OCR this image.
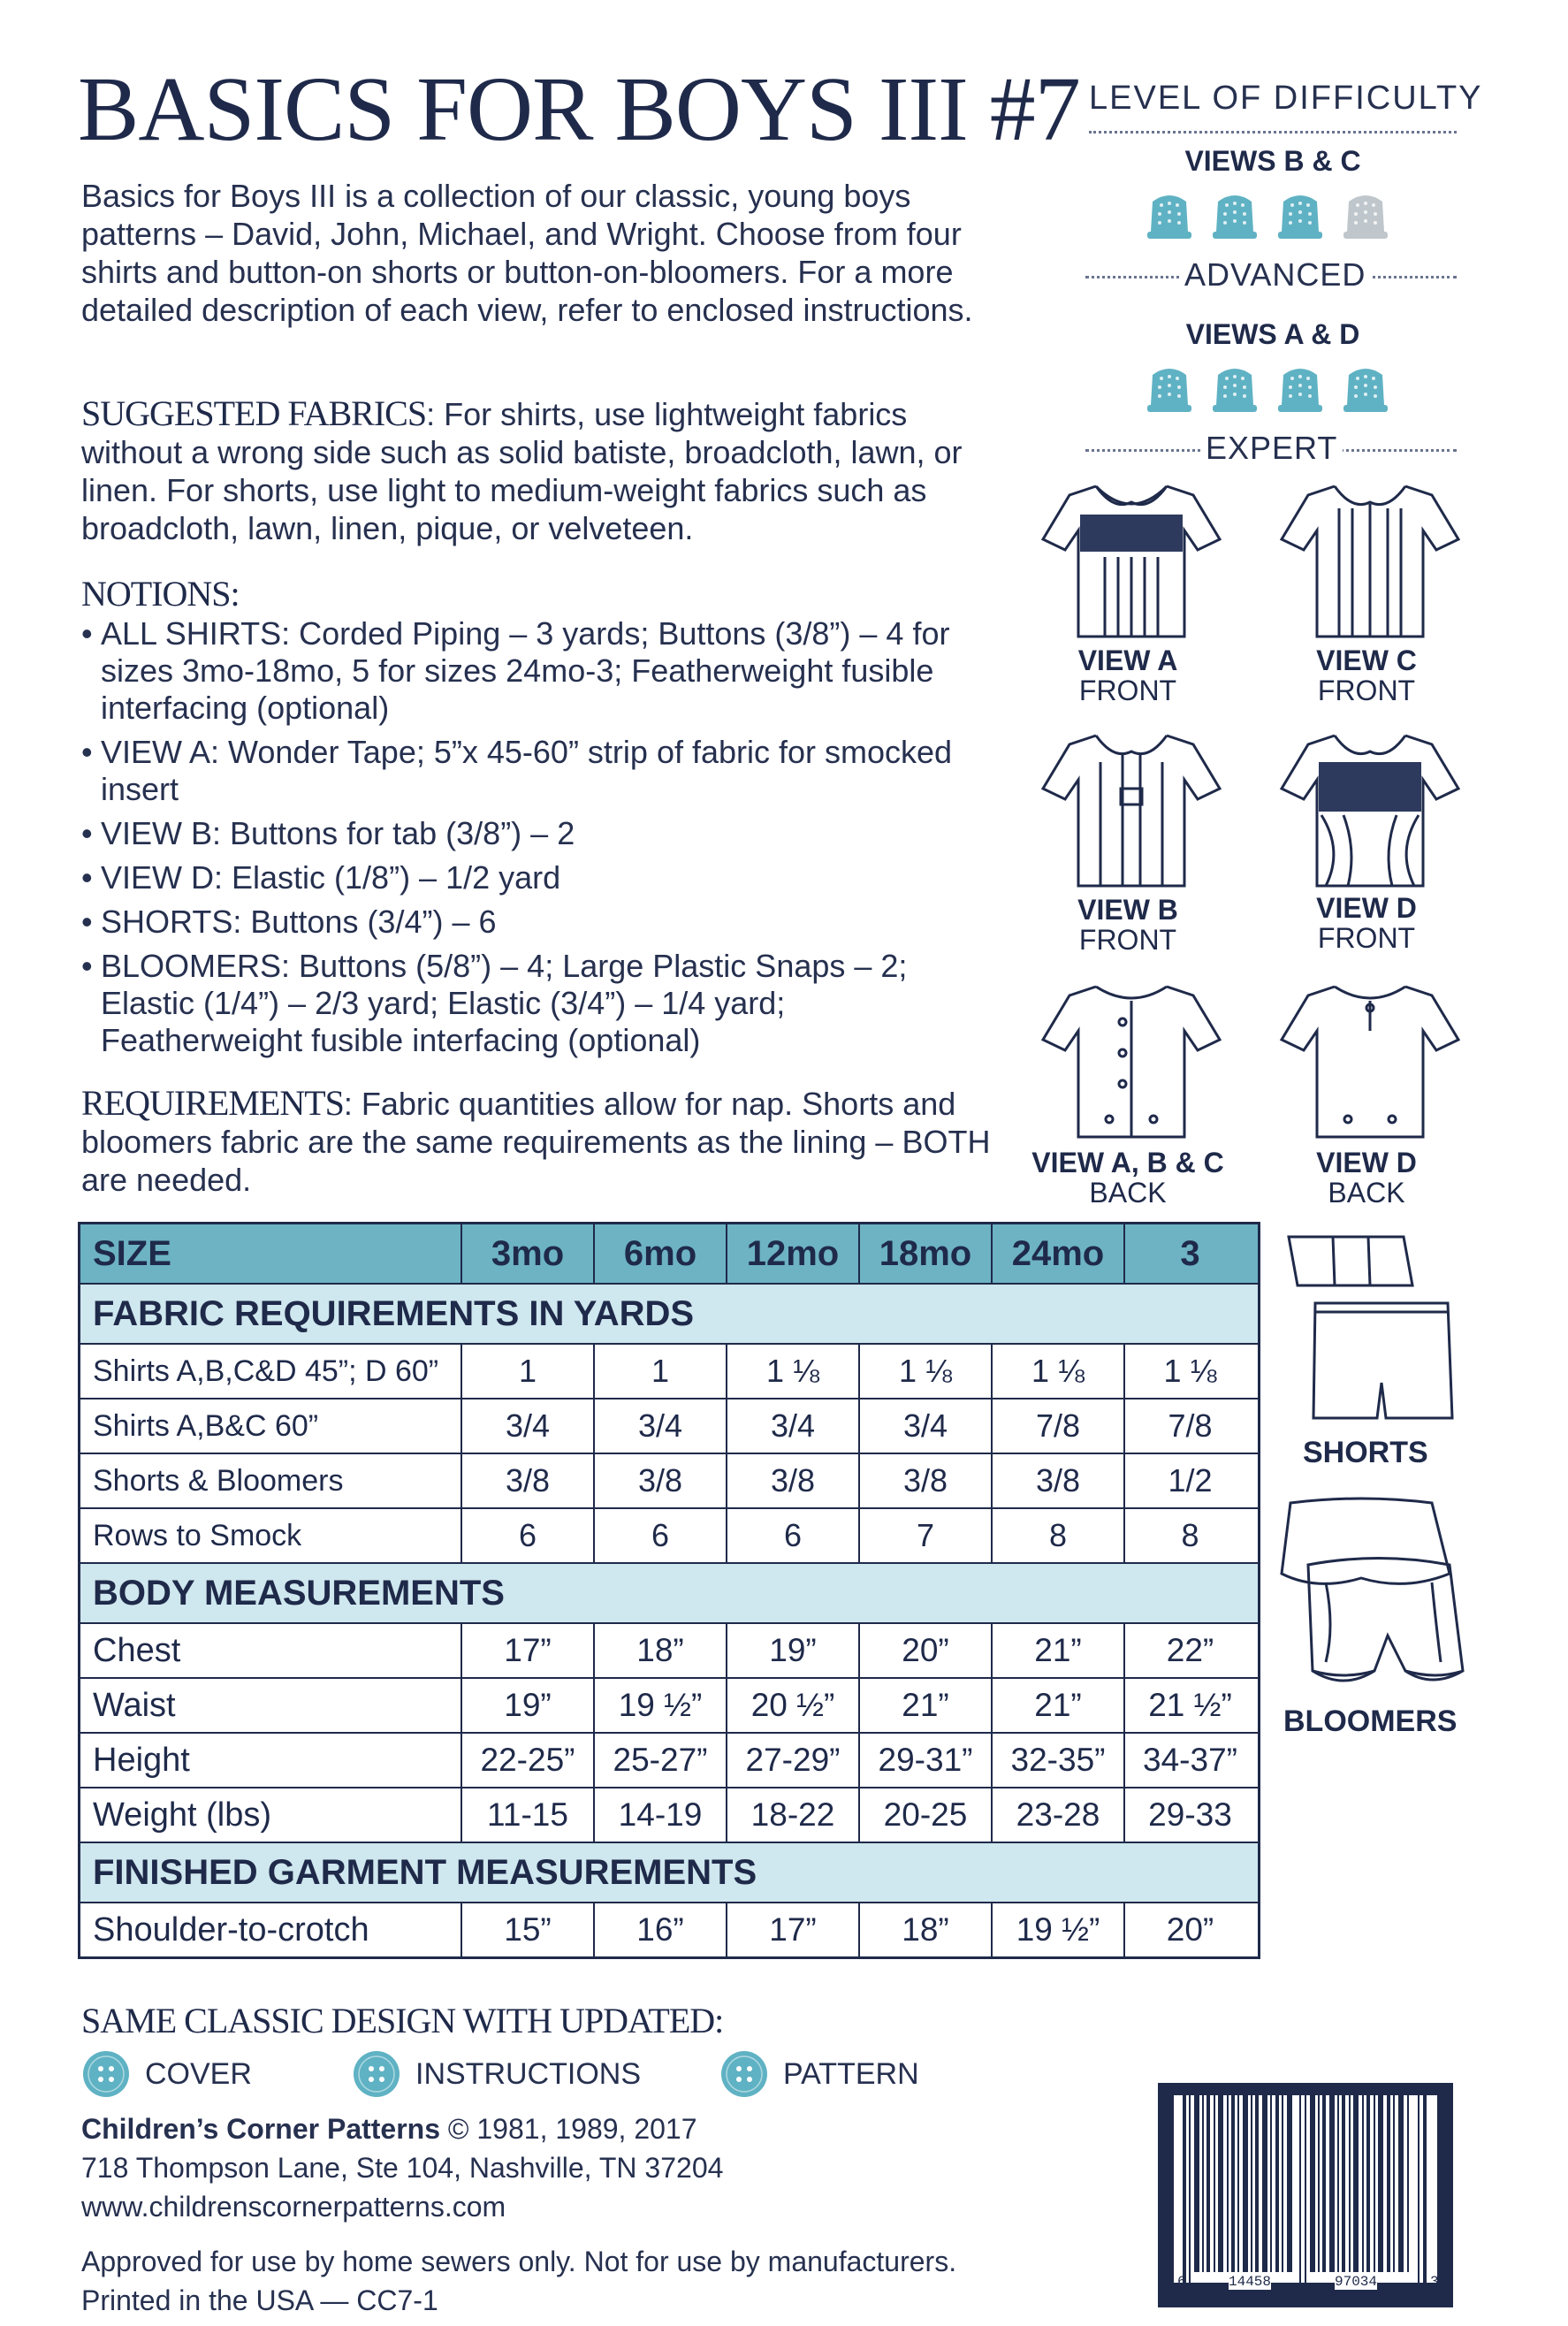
BASICS FOR BOYS III #7
Basics for Boys III is a collection of our classic, young boys patterns – David, John, Michael, and Wright. Choose from four shirts and button-on shorts or button-on-bloomers. For a more detailed description of each view, refer to enclosed instructions.
SUGGESTED FABRICS: For shirts, use lightweight fabrics without a wrong side such as solid batiste, broadcloth, lawn, or linen. For shorts, use light to medium-weight fabrics such as broadcloth, lawn, linen, pique, or velveteen.
NOTIONS:
• ALL SHIRTS: Corded Piping – 3 yards; Buttons (3/8”) – 4 for sizes 3mo-18mo, 5 for sizes 24mo-3; Featherweight fusible interfacing (optional)
• VIEW A: Wonder Tape; 5”x 45-60” strip of fabric for smocked insert
• VIEW B: Buttons for tab (3/8”) – 2
• VIEW D: Elastic (1/8”) – 1/2 yard
• SHORTS: Buttons (3/4”) – 6
• BLOOMERS: Buttons (5/8”) – 4; Large Plastic Snaps – 2; Elastic (1/4”) – 2/3 yard; Elastic (3/4”) – 1/4 yard; Featherweight fusible interfacing (optional)
REQUIREMENTS: Fabric quantities allow for nap. Shorts and bloomers fabric are the same requirements as the lining – BOTH are needed.
LEVEL OF DIFFICULTY
VIEWS B & C
ADVANCED
VIEWS A & D
EXPERT
VIEW A
FRONT
VIEW C
FRONT
VIEW B
FRONT
VIEW D
FRONT
VIEW A, B & C
BACK
VIEW D
BACK
SHORTS
BLOOMERS
SIZE	3mo	6mo	12mo	18mo	24mo	3
FABRIC REQUIREMENTS IN YARDS
Shirts A,B,C&D 45”; D 60”	1	1	1 ⅛	1 ⅛	1 ⅛	1 ⅛
Shirts A,B&C 60”	3/4	3/4	3/4	3/4	7/8	7/8
Shorts & Bloomers	3/8	3/8	3/8	3/8	3/8	1/2
Rows to Smock	6	6	6	7	8	8
BODY MEASUREMENTS
Chest	17”	18”	19”	20”	21”	22”
Waist	19”	19 ½”	20 ½”	21”	21”	21 ½”
Height	22-25”	25-27”	27-29”	29-31”	32-35”	34-37”
Weight (lbs)	11-15	14-19	18-22	20-25	23-28	29-33
FINISHED GARMENT MEASUREMENTS
Shoulder-to-crotch	15”	16”	17”	18”	19 ½”	20”
SAME CLASSIC DESIGN WITH UPDATED:
COVER	INSTRUCTIONS	PATTERN
Children’s Corner Patterns © 1981, 1989, 2017
718 Thompson Lane, Ste 104, Nashville, TN 37204
www.childrenscornerpatterns.com
Approved for use by home sewers only. Not for use by manufacturers.
Printed in the USA — CC7-1
6	14458	97034	3
